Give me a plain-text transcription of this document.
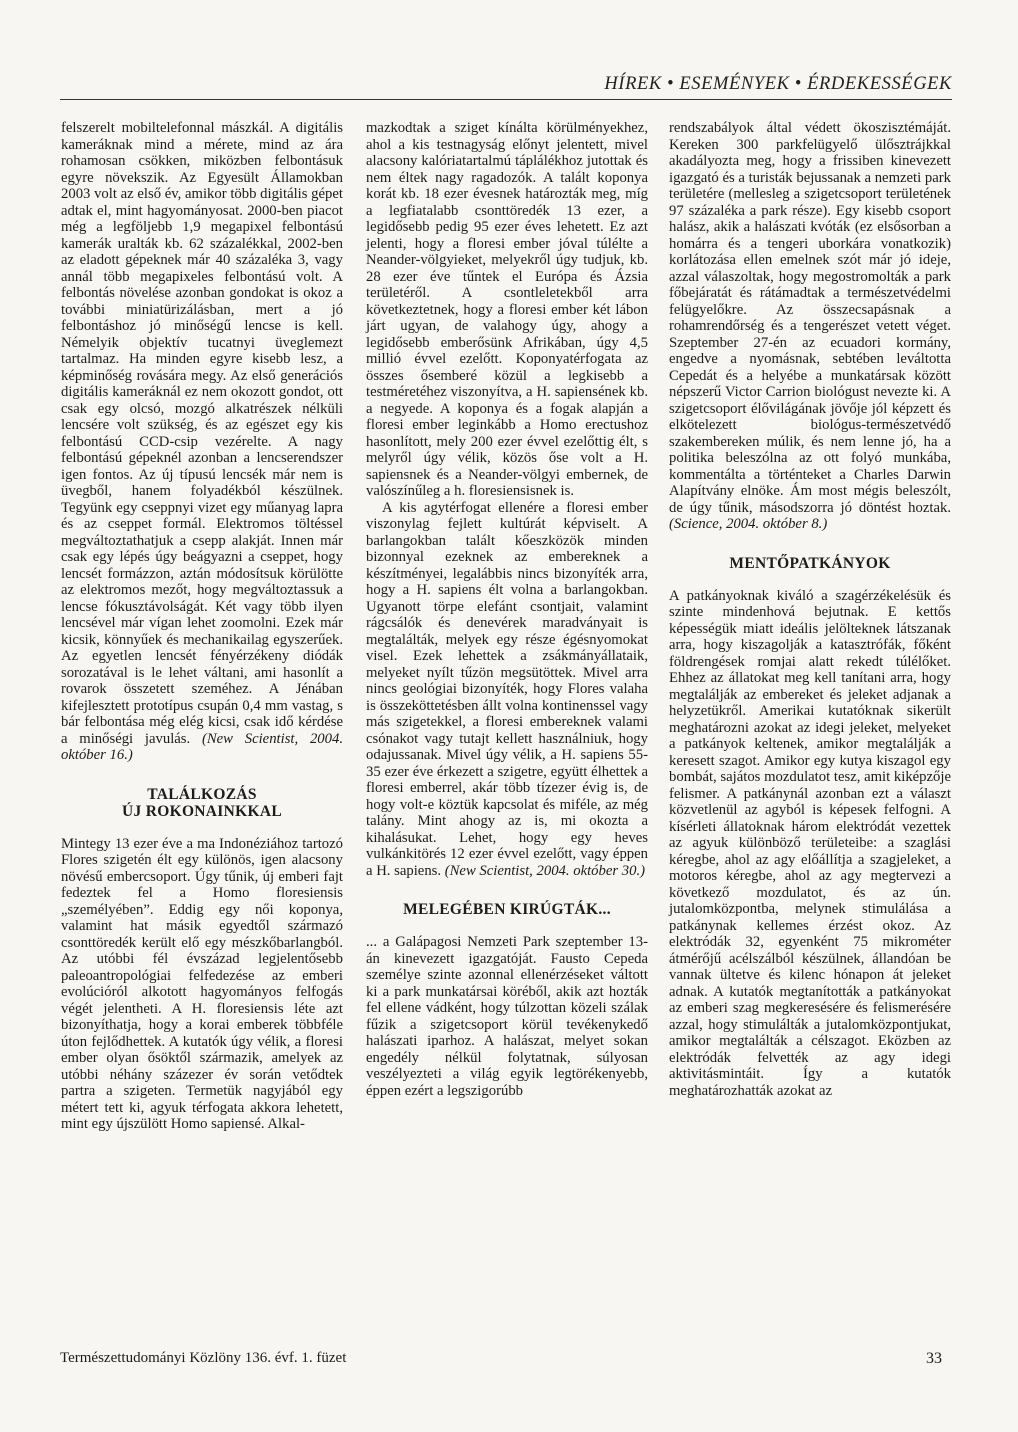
HÍREK • ESEMÉNYEK • ÉRDEKESSÉGEK

felszerelt mobiltelefonnal mászkál. A digitális kameráknak mind a mérete, mind az ára rohamosan csökken, miközben felbontásuk egyre növekszik. Az Egyesült Államokban 2003 volt az első év, amikor több digitális gépet adtak el, mint hagyományosat. 2000-ben piacot még a legföljebb 1,9 megapixel felbontású kamerák uralták kb. 62 százalékkal, 2002-ben az eladott gépeknek már 40 százaléka 3, vagy annál több megapixeles felbontású volt. A felbontás növelése azonban gondokat is okoz a további miniatürizálásban, mert a jó felbontáshoz jó minőségű lencse is kell. Némelyik objektív tucatnyi üveglemezt tartalmaz. Ha minden egyre kisebb lesz, a képminőség rovására megy. Az első generációs digitális kameráknál ez nem okozott gondot, ott csak egy olcsó, mozgó alkatrészek nélküli lencsére volt szükség, és az egészet egy kis felbontású CCD-csip vezérelte. A nagy felbontású gépeknél azonban a lencserendszer igen fontos. Az új típusú lencsék már nem is üvegből, hanem folyadékból készülnek. Tegyünk egy cseppnyi vizet egy műanyag lapra és az cseppet formál. Elektromos töltéssel megváltoztathatjuk a csepp alakját. Innen már csak egy lépés úgy beágyazni a cseppet, hogy lencsét formázzon, aztán módosítsuk körülötte az elektromos mezőt, hogy megváltoztassuk a lencse fókusztávolságát. Két vagy több ilyen lencsével már vígan lehet zoomolni. Ezek már kicsik, könnyűek és mechanikailag egyszerűek. Az egyetlen lencsét fényérzékeny diódák sorozatával is le lehet váltani, ami hasonlít a rovarok összetett szeméhez. A Jénában kifejlesztett prototípus csupán 0,4 mm vastag, s bár felbontása még elég kicsi, csak idő kérdése a minőségi javulás. (New Scientist, 2004. október 16.)

TALÁLKOZÁS
ÚJ ROKONAINKKAL

Mintegy 13 ezer éve a ma Indonéziához tartozó Flores szigetén élt egy különös, igen alacsony növésű embercsoport. Úgy tűnik, új emberi fajt fedeztek fel a Homo floresiensis „személyében”. Eddig egy női koponya, valamint hat másik egyedtől származó csonttöredék került elő egy mészkőbarlangból. Az utóbbi fél évszázad legjelentősebb paleoantropológiai felfedezése az emberi evolúcióról alkotott hagyományos felfogás végét jelentheti. A H. floresiensis léte azt bizonyíthatja, hogy a korai emberek többféle úton fejlődhettek. A kutatók úgy vélik, a floresi ember olyan ősöktől származik, amelyek az utóbbi néhány százezer év során vetődtek partra a szigeten. Termetük nagyjából egy métert tett ki, agyuk térfogata akkora lehetett, mint egy újszülött Homo sapiensé. Alkal-

mazkodtak a sziget kínálta körülményekhez, ahol a kis testnagyság előnyt jelentett, mivel alacsony kalóriatartalmú táplálékhoz jutottak és nem éltek nagy ragadozók. A talált koponya korát kb. 18 ezer évesnek határozták meg, míg a legfiatalabb csonttöredék 13 ezer, a legidősebb pedig 95 ezer éves lehetett. Ez azt jelenti, hogy a floresi ember jóval túlélte a Neander-völgyieket, melyekről úgy tudjuk, kb. 28 ezer éve tűntek el Európa és Ázsia területéről. A csontleletekből arra következtetnek, hogy a floresi ember két lábon járt ugyan, de valahogy úgy, ahogy a legidősebb emberősünk Afrikában, úgy 4,5 millió évvel ezelőtt. Koponyatérfogata az összes ősemberé közül a legkisebb a testméretéhez viszonyítva, a H. sapiensének kb. a negyede. A koponya és a fogak alapján a floresi ember leginkább a Homo erectushoz hasonlított, mely 200 ezer évvel ezelőttig élt, s melyről úgy vélik, közös őse volt a H. sapiensnek és a Neander-völgyi embernek, de valószínűleg a h. floresiensisnek is.

A kis agytérfogat ellenére a floresi ember viszonylag fejlett kultúrát képviselt. A barlangokban talált kőeszközök minden bizonnyal ezeknek az embereknek a készítményei, legalábbis nincs bizonyíték arra, hogy a H. sapiens élt volna a barlangokban. Ugyanott törpe elefánt csontjait, valamint rágcsálók és denevérek maradványait is megtalálták, melyek egy része égésnyomokat visel. Ezek lehettek a zsákmányállataik, melyeket nyílt tűzön megsütöttek. Mivel arra nincs geológiai bizonyíték, hogy Flores valaha is összeköttetésben állt volna kontinenssel vagy más szigetekkel, a floresi embereknek valami csónakot vagy tutajt kellett használniuk, hogy odajussanak. Mivel úgy vélik, a H. sapiens 55-35 ezer éve érkezett a szigetre, együtt élhettek a floresi emberrel, akár több tízezer évig is, de hogy volt-e köztük kapcsolat és miféle, az még talány. Mint ahogy az is, mi okozta a kihalásukat. Lehet, hogy egy heves vulkánkitörés 12 ezer évvel ezelőtt, vagy éppen a H. sapiens. (New Scientist, 2004. október 30.)

MELEGÉBEN KIRÚGTÁK...

... a Galápagosi Nemzeti Park szeptember 13-án kinevezett igazgatóját. Fausto Cepeda személye szinte azonnal ellenérzéseket váltott ki a park munkatársai köréből, akik azt hozták fel ellene vádként, hogy túlzottan közeli szálak fűzik a szigetcsoport körül tevékenykedő halászati iparhoz. A halászat, melyet sokan engedély nélkül folytatnak, súlyosan veszélyezteti a világ egyik legtörékenyebb, éppen ezért a legszigorúbb

rendszabályok által védett ökoszisztémáját. Kereken 300 parkfelügyelő ülősztrájkkal akadályozta meg, hogy a frissiben kinevezett igazgató és a turisták bejussanak a nemzeti park területére (mellesleg a szigetcsoport területének 97 százaléka a park része). Egy kisebb csoport halász, akik a halászati kvóták (ez elsősorban a homárra és a tengeri uborkára vonatkozik) korlátozása ellen emelnek szót már jó ideje, azzal válaszoltak, hogy megostromolták a park főbejáratát és rátámadtak a természetvédelmi felügyelőkre. Az összecsapásnak a rohamrendőrség és a tengerészet vetett véget. Szeptember 27-én az ecuadori kormány, engedve a nyomásnak, sebtében leváltotta Cepedát és a helyébe a munkatársak között népszerű Victor Carrion biológust nevezte ki. A szigetcsoport élővilágának jövője jól képzett és elkötelezett biológus-természetvédő szakembereken múlik, és nem lenne jó, ha a politika beleszólna az ott folyó munkába, kommentálta a történteket a Charles Darwin Alapítvány elnöke. Ám most mégis beleszólt, de úgy tűnik, másodszorra jó döntést hoztak. (Science, 2004. október 8.)

MENTŐPATKÁNYOK

A patkányoknak kiváló a szagérzékelésük és szinte mindenhová bejutnak. E kettős képességük miatt ideális jelölteknek látszanak arra, hogy kiszagolják a katasztrófák, főként földrengések romjai alatt rekedt túlélőket. Ehhez az állatokat meg kell tanítani arra, hogy megtalálják az embereket és jeleket adjanak a helyzetükről. Amerikai kutatóknak sikerült meghatározni azokat az idegi jeleket, melyeket a patkányok keltenek, amikor megtalálják a keresett szagot. Amikor egy kutya kiszagol egy bombát, sajátos mozdulatot tesz, amit kiképzője felismer. A patkánynál azonban ezt a választ közvetlenül az agyból is képesek felfogni. A kísérleti állatoknak három elektródát vezettek az agyuk különböző területeibe: a szaglási kéregbe, ahol az agy előállítja a szagjeleket, a motoros kéregbe, ahol az agy megtervezi a következő mozdulatot, és az ún. jutalomközpontba, melynek stimulálása a patkánynak kellemes érzést okoz. Az elektródák 32, egyenként 75 mikrométer átmérőjű acélszálból készülnek, állandóan be vannak ültetve és kilenc hónapon át jeleket adnak. A kutatók megtanították a patkányokat az emberi szag megkeresésére és felismerésére azzal, hogy stimulálták a jutalomközpontjukat, amikor megtalálták a célszagot. Eközben az elektródák felvették az agy idegi aktivitásmintáit. Így a kutatók meghatározhatták azokat az

Természettudományi Közlöny 136. évf. 1. füzet	33
